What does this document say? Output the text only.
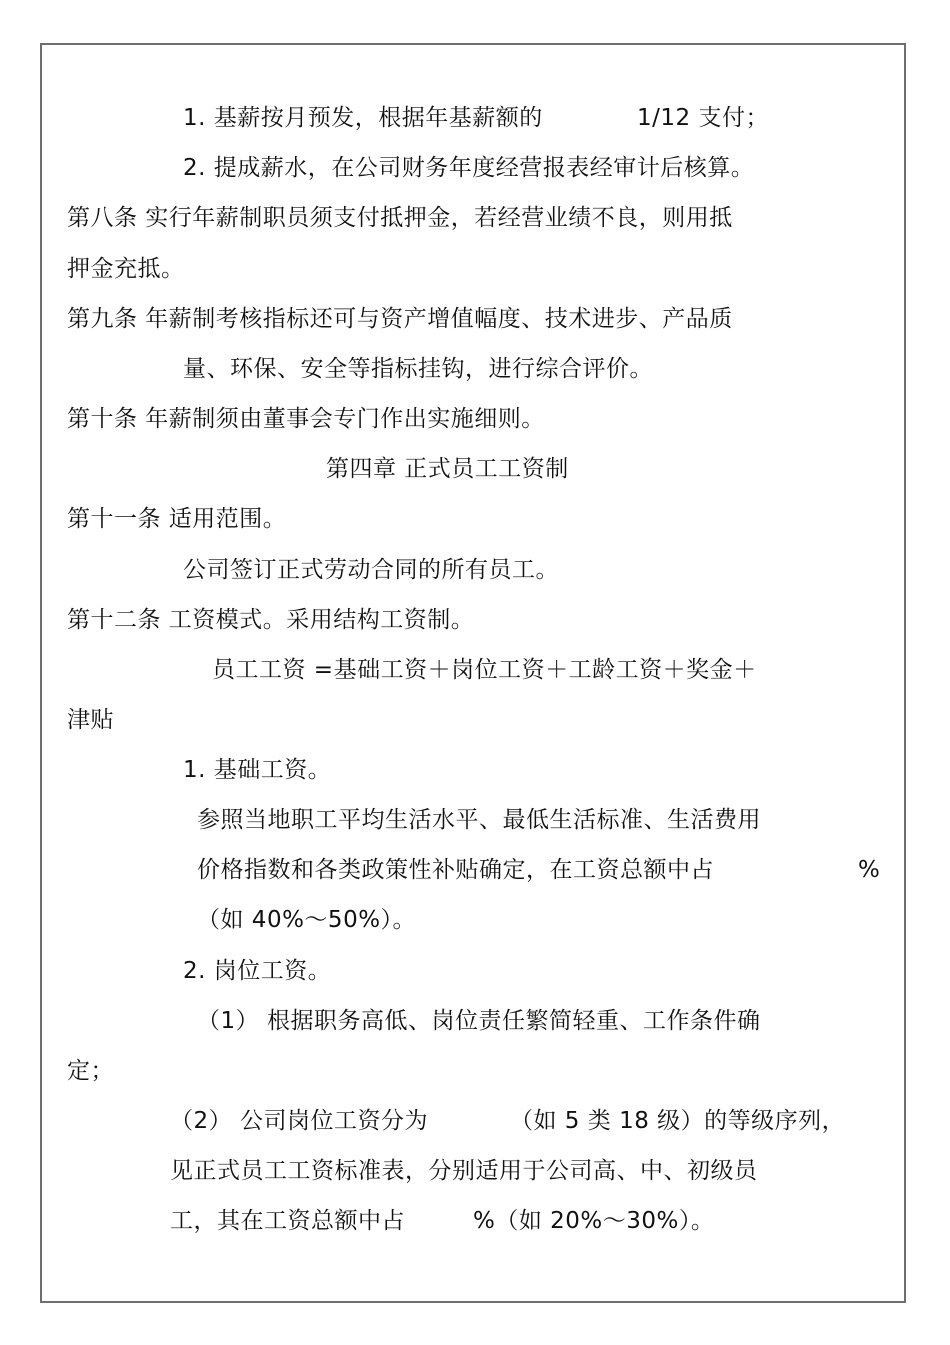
1. 基薪按月预发，根据年基薪额的	1/12 支付；
2. 提成薪水，在公司财务年度经营报表经审计后核算。
第八条 实行年薪制职员须支付抵押金，若经营业绩不良，则用抵
押金充抵。
第九条 年薪制考核指标还可与资产增值幅度、技术进步、产品质
量、环保、安全等指标挂钩，进行综合评价。
第十条 年薪制须由董事会专门作出实施细则。
第四章 正式员工工资制
第十一条 适用范围。
公司签订正式劳动合同的所有员工。
第十二条 工资模式。采用结构工资制。
员工工资 =基础工资＋岗位工资＋工龄工资＋奖金＋
津贴
1. 基础工资。
参照当地职工平均生活水平、最低生活标准、生活费用
价格指数和各类政策性补贴确定，在工资总额中占	%
（如 40%～50%）。
2. 岗位工资。
（1） 根据职务高低、岗位责任繁简轻重、工作条件确
定；
（2） 公司岗位工资分为	（如 5 类 18 级）的等级序列，
见正式员工工资标准表，分别适用于公司高、中、初级员
工，其在工资总额中占	%（如 20%～30%）。
